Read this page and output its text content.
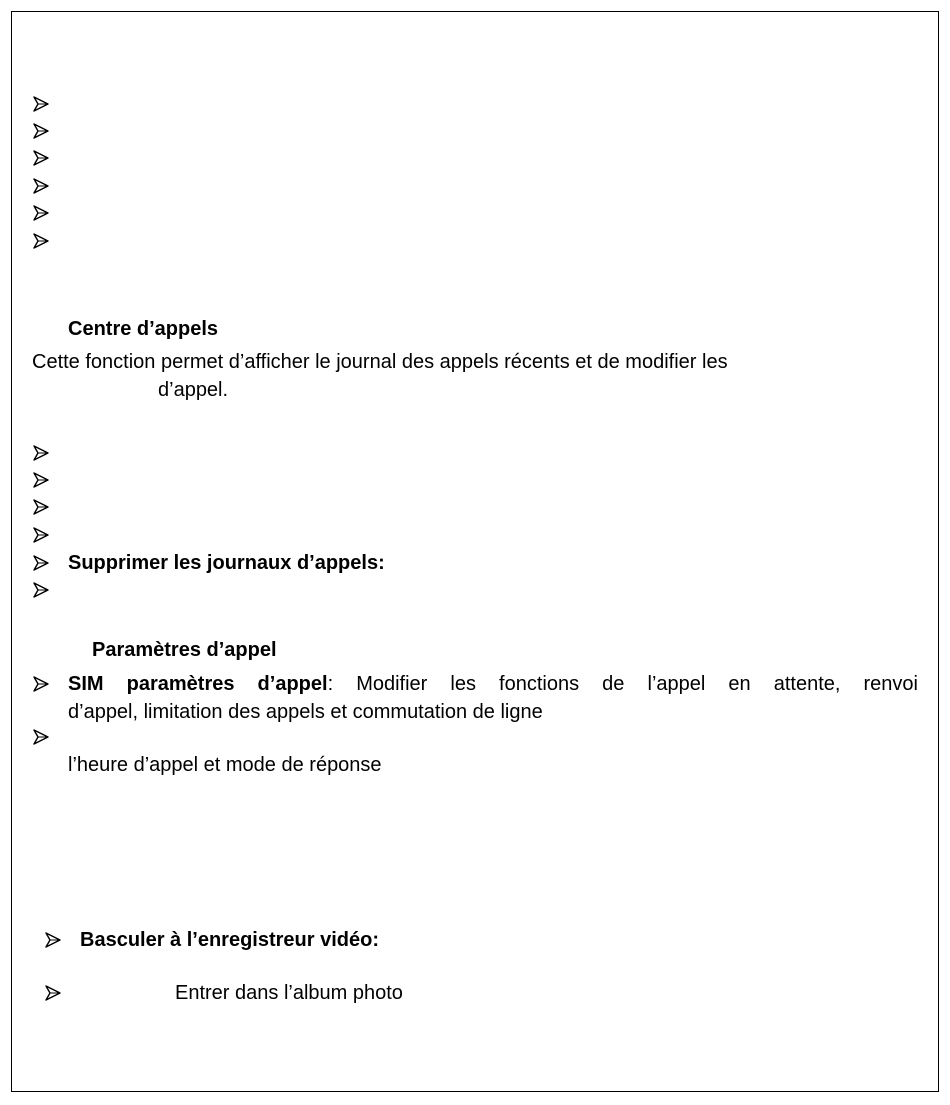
Centre d’appels
Cette fonction permet d’afficher le journal des appels récents et de modifier les
d’appel.
Supprimer les journaux d’appels:
Paramètres d’appel
SIM paramètres d’appel: Modifier les fonctions de l’appel en attente, renvoi
d’appel, limitation des appels et commutation de ligne
l’heure d’appel et mode de réponse
Basculer à l’enregistreur vidéo:
Entrer dans l’album photo
